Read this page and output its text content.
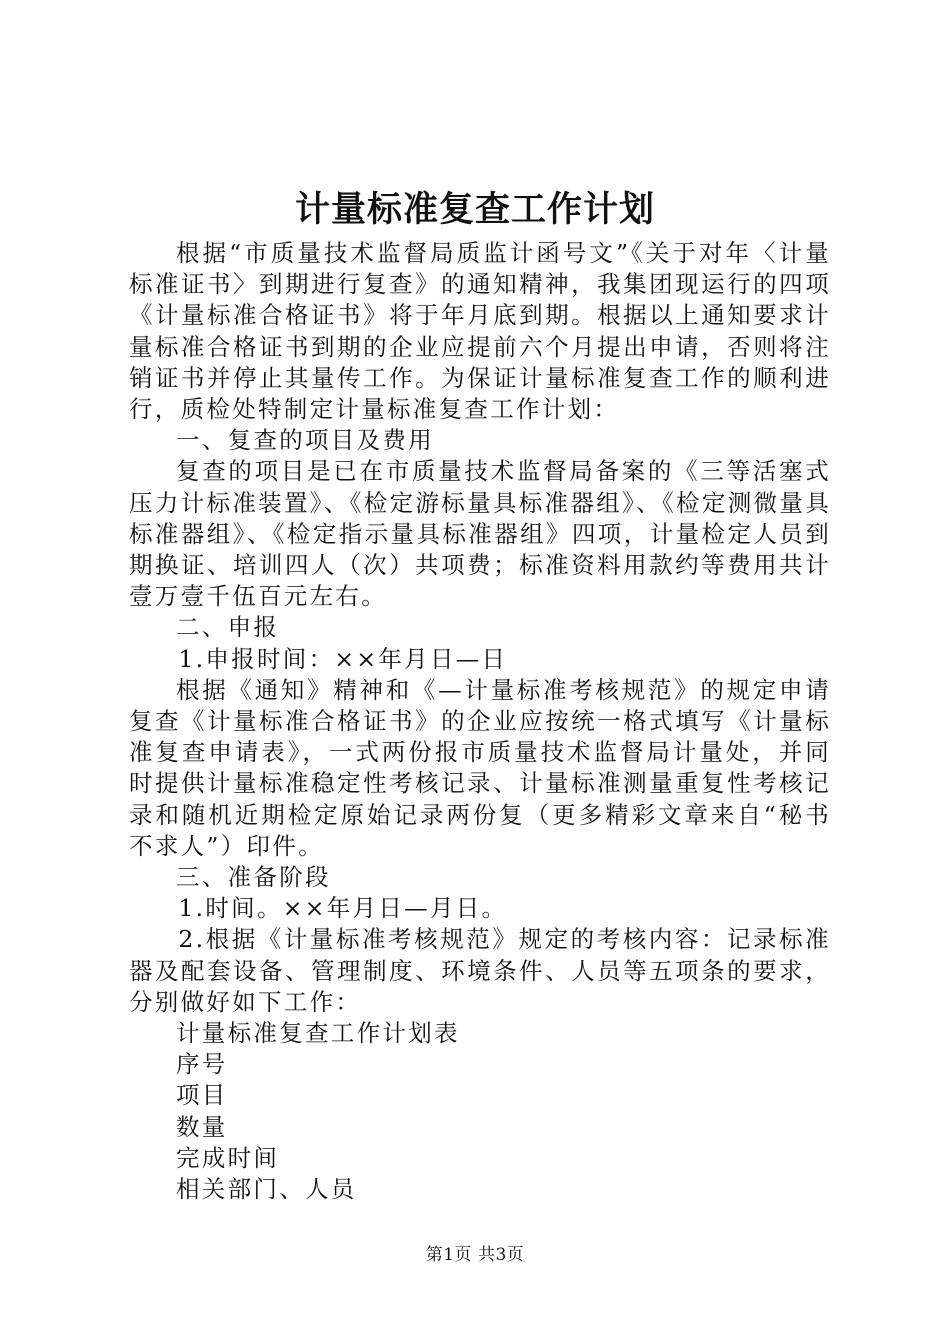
计量标准复查工作计划

根据“市质量技术监督局质监计函号文”《关于对年〈计量标准证书〉到期进行复查》的通知精神，我集团现运行的四项《计量标准合格证书》将于年月底到期。根据以上通知要求计量标准合格证书到期的企业应提前六个月提出申请，否则将注销证书并停止其量传工作。为保证计量标准复查工作的顺利进行，质检处特制定计量标准复查工作计划：

一、复查的项目及费用

复查的项目是已在市质量技术监督局备案的《三等活塞式压力计标准装置》、《检定游标量具标准器组》、《检定测微量具标准器组》、《检定指示量具标准器组》四项，计量检定人员到期换证、培训四人（次）共项费；标准资料用款约等费用共计壹万壹千伍百元左右。

二、申报

1.申报时间：××年月日—日

根据《通知》精神和《—计量标准考核规范》的规定申请复查《计量标准合格证书》的企业应按统一格式填写《计量标准复查申请表》，一式两份报市质量技术监督局计量处，并同时提供计量标准稳定性考核记录、计量标准测量重复性考核记录和随机近期检定原始记录两份复（更多精彩文章来自“秘书不求人”）印件。

三、准备阶段

1.时间。××年月日—月日。

2.根据《计量标准考核规范》规定的考核内容：记录标准器及配套设备、管理制度、环境条件、人员等五项条的要求，分别做好如下工作：

计量标准复查工作计划表
序号
项目
数量
完成时间
相关部门、人员
第1页 共3页
